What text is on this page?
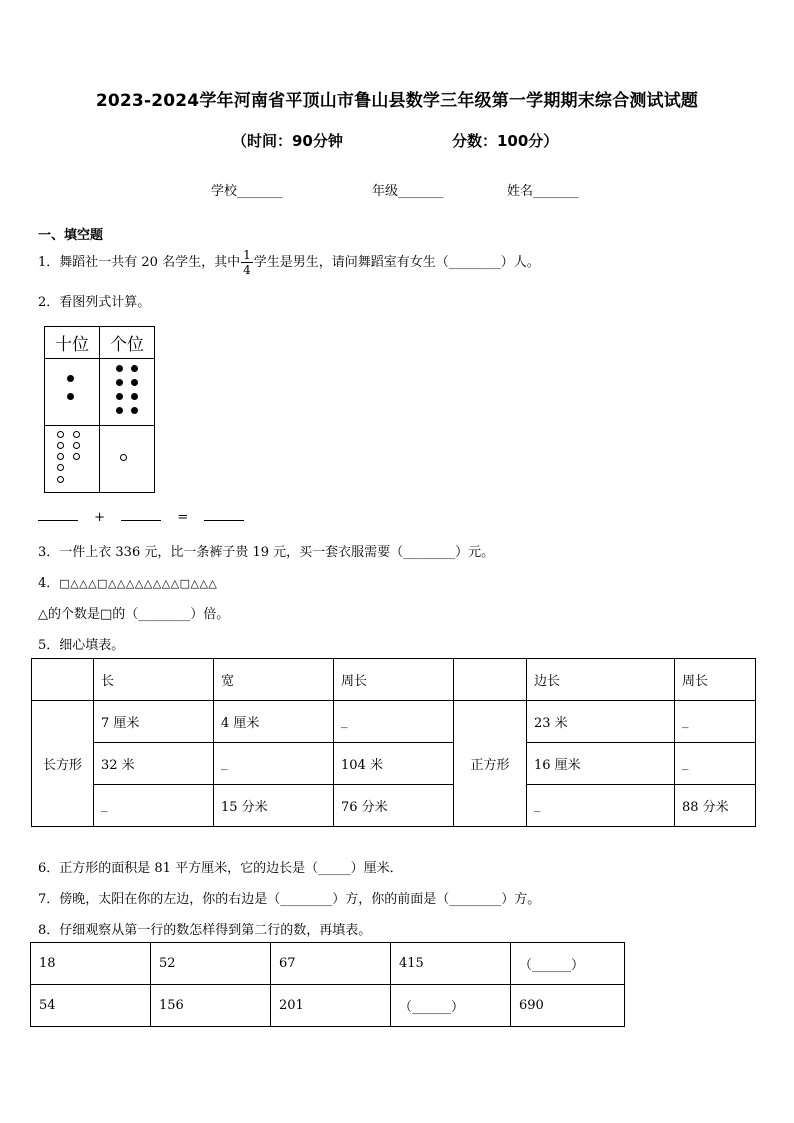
2023-2024学年河南省平顶山市鲁山县数学三年级第一学期期末综合测试试题
（时间：90分钟	分数：100分）
学校_______	年级_______	姓名_______
一、填空题
1．舞蹈社一共有 20 名学生，其中 $\frac{1}{4}$ 学生是男生，请问舞蹈室有女生（________）人。
2．看图列式计算。
十位	个位

+	=
3．一件上衣 336 元，比一条裤子贵 19 元，买一套衣服需要（________）元。
4．□△△△□△△△△△△△△□△△△
△的个数是□的（________）倍。
5．细心填表。
	长	宽	周长		边长	周长
长方形	7 厘米	4 厘米	_	正方形	23 米	_
	32 米	_	104 米		16 厘米	_
	_	15 分米	76 分米		_	88 分米
6．正方形的面积是 81 平方厘米，它的边长是（_____）厘米．
7．傍晚，太阳在你的左边，你的右边是（________）方，你的前面是（________）方。
8．仔细观察从第一行的数怎样得到第二行的数，再填表。
18	52	67	415	（______）
54	156	201	（______）	690
